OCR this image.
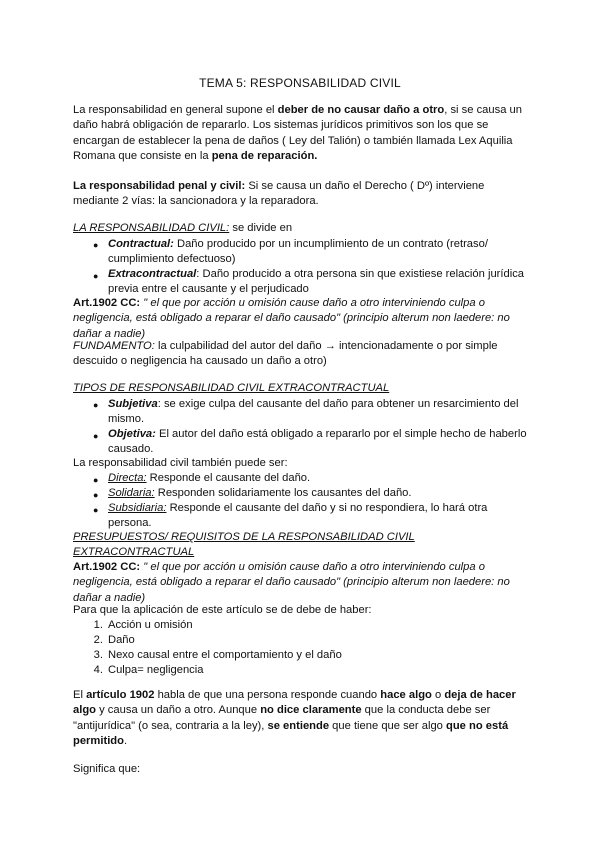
TEMA 5: RESPONSABILIDAD CIVIL
La responsabilidad en general supone el deber de no causar daño a otro, si se causa un daño habrá obligación de repararlo. Los sistemas jurídicos primitivos son los que se encargan de establecer la pena de daños ( Ley del Talión) o también llamada Lex Aquilia Romana que consiste en la pena de reparación.
La responsabilidad penal y civil: Si se causa un daño el Derecho ( Dº) interviene mediante 2 vías: la sancionadora y la reparadora.
LA RESPONSABILIDAD CIVIL: se divide en
● Contractual: Daño producido por un incumplimiento de un contrato (retraso/ cumplimiento defectuoso)
● Extracontractual: Daño producido a otra persona sin que existiese relación jurídica previa entre el causante y el perjudicado
Art.1902 CC: " el que por acción u omisión cause daño a otro interviniendo culpa o negligencia, está obligado a reparar el daño causado" (principio alterum non laedere: no dañar a nadie)
FUNDAMENTO: la culpabilidad del autor del daño → intencionadamente o por simple descuido o negligencia ha causado un daño a otro)
TIPOS DE RESPONSABILIDAD CIVIL EXTRACONTRACTUAL
● Subjetiva: se exige culpa del causante del daño para obtener un resarcimiento del mismo.
● Objetiva: El autor del daño está obligado a repararlo por el simple hecho de haberlo causado.
La responsabilidad civil también puede ser:
● Directa: Responde el causante del daño.
● Solidaria: Responden solidariamente los causantes del daño.
● Subsidiaria: Responde el causante del daño y si no respondiera, lo hará otra persona.
PRESUPUESTOS/ REQUISITOS DE LA RESPONSABILIDAD CIVIL
EXTRACONTRACTUAL
Art.1902 CC: " el que por acción u omisión cause daño a otro interviniendo culpa o negligencia, está obligado a reparar el daño causado" (principio alterum non laedere: no dañar a nadie)
Para que la aplicación de este artículo se de debe de haber:
1. Acción u omisión
2. Daño
3. Nexo causal entre el comportamiento y el daño
4. Culpa= negligencia
El artículo 1902 habla de que una persona responde cuando hace algo o deja de hacer algo y causa un daño a otro. Aunque no dice claramente que la conducta debe ser "antijurídica" (o sea, contraria a la ley), se entiende que tiene que ser algo que no está permitido.
Significa que:
